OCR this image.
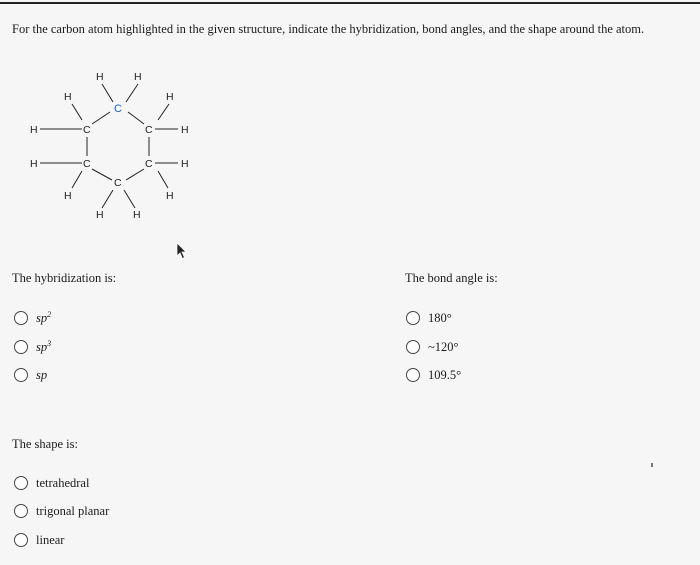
For the carbon atom highlighted in the given structure, indicate the hybridization, bond angles, and the shape around the atom.
H	H
C
H	H
H	C	C	H
H	C	C	H
C
H	H
H	H
The hybridization is:
$sp^2$
$sp^3$
sp
The bond angle is:
180°
~120°
109.5°
The shape is:
tetrahedral
trigonal planar
linear
